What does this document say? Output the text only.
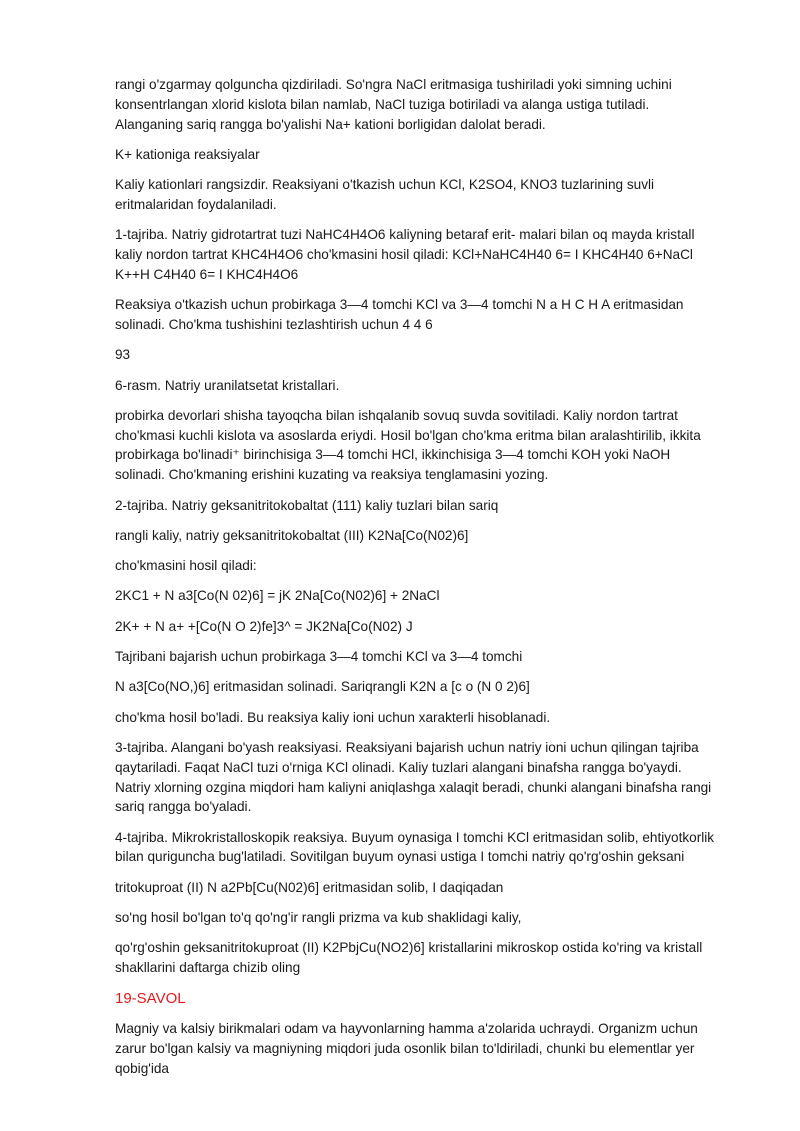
rangi o'zgarmay qolguncha qizdiriladi. So'ngra NaCl eritmasiga tushiriladi yoki simning uchini konsentrlangan xlorid kislota bilan namlab, NaCl tuziga botiriladi va alanga ustiga tutiladi. Alanganing sariq rangga bo'yalishi Na+ kationi borligidan dalolat beradi.

K+ kationiga reaksiyalar

Kaliy kationlari rangsizdir. Reaksiyani o'tkazish uchun KCl, K2SO4, KNO3 tuzlarining suvli eritmalaridan foydalaniladi.

1-tajriba. Natriy gidrotartrat tuzi NaHC4H4O6 kaliyning betaraf erit- malari bilan oq mayda kristall kaliy nordon tartrat KHC4H4O6 cho'kmasini hosil qiladi: KCl+NaHC4H40 6= I KHC4H40 6+NaCl K++H C4H40 6= I KHC4H4O6

Reaksiya o'tkazish uchun probirkaga 3—4 tomchi KCl va 3—4 tomchi N a H C H A eritmasidan solinadi. Cho'kma tushishini tezlashtirish uchun 4 4 6

93

6-rasm. Natriy uranilatsetat kristallari.

probirka devorlari shisha tayoqcha bilan ishqalanib sovuq suvda sovitiladi. Kaliy nordon tartrat cho'kmasi kuchli kislota va asoslarda eriydi. Hosil bo'lgan cho'kma eritma bilan aralashtirilib, ikkita probirkaga bo'linadi⁺ birinchisiga 3—4 tomchi HCl, ikkinchisiga 3—4 tomchi KOH yoki NaOH solinadi. Cho'kmaning erishini kuzating va reaksiya tenglamasini yozing.

2-tajriba. Natriy geksanitritokobaltat (111) kaliy tuzlari bilan sariq

rangli kaliy, natriy geksanitritokobaltat (III) K2Na[Co(N02)6]

cho'kmasini hosil qiladi:

2KC1 + N a3[Co(N 02)6] = jK 2Na[Co(N02)6] + 2NaCl

2K+ + N a+ +[Co(N O 2)fe]3^ = JK2Na[Co(N02) J

Tajribani bajarish uchun probirkaga 3—4 tomchi KCl va 3—4 tomchi

N a3[Co(NO,)6] eritmasidan solinadi. Sariqrangli K2N a [c o (N 0 2)6]

cho'kma hosil bo'ladi. Bu reaksiya kaliy ioni uchun xarakterli hisoblanadi.

3-tajriba. Alangani bo'yash reaksiyasi. Reaksiyani bajarish uchun natriy ioni uchun qilingan tajriba qaytariladi. Faqat NaCl tuzi o'rniga KCl olinadi. Kaliy tuzlari alangani binafsha rangga bo'yaydi. Natriy xlorning ozgina miqdori ham kaliyni aniqlashga xalaqit beradi, chunki alangani binafsha rangi sariq rangga bo'yaladi.

4-tajriba. Mikrokristalloskopik reaksiya. Buyum oynasiga I tomchi KCl eritmasidan solib, ehtiyotkorlik bilan quriguncha bug'latiladi. Sovitilgan buyum oynasi ustiga I tomchi natriy qo'rg'oshin geksani

tritokuproat (II) N a2Pb[Cu(N02)6] eritmasidan solib, I daqiqadan

so'ng hosil bo'lgan to'q qo'ng'ir rangli prizma va kub shaklidagi kaliy,

qo'rg'oshin geksanitritokuproat (II) K2PbjCu(NO2)6] kristallarini mikroskop ostida ko'ring va kristall shakllarini daftarga chizib oling

19-SAVOL

Magniy va kalsiy birikmalari odam va hayvonlarning hamma a'zolarida uchraydi. Organizm uchun zarur bo'lgan kalsiy va magniyning miqdori juda osonlik bilan to'ldiriladi, chunki bu elementlar yer qobig'ida
